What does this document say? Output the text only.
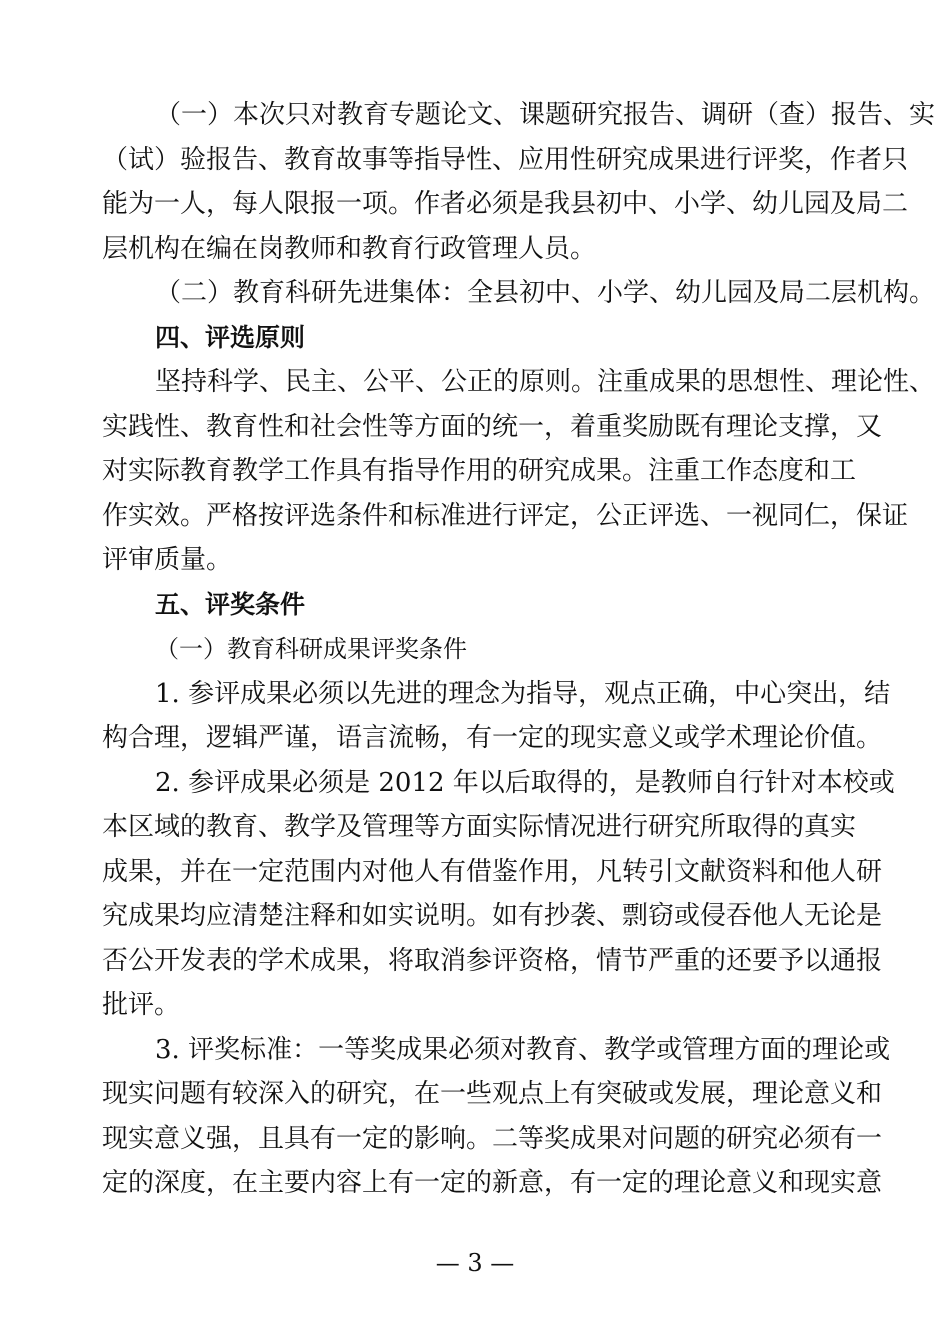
（一）本次只对教育专题论文、课题研究报告、调研（查）报告、实
（试）验报告、教育故事等指导性、应用性研究成果进行评奖，作者只
能为一人，每人限报一项。作者必须是我县初中、小学、幼儿园及局二
层机构在编在岗教师和教育行政管理人员。
（二）教育科研先进集体：全县初中、小学、幼儿园及局二层机构。
四、评选原则
坚持科学、民主、公平、公正的原则。注重成果的思想性、理论性、
实践性、教育性和社会性等方面的统一，着重奖励既有理论支撑，又
对实际教育教学工作具有指导作用的研究成果。注重工作态度和工
作实效。严格按评选条件和标准进行评定，公正评选、一视同仁，保证
评审质量。
五、评奖条件
（一）教育科研成果评奖条件
1. 参评成果必须以先进的理念为指导，观点正确，中心突出，结
构合理，逻辑严谨，语言流畅，有一定的现实意义或学术理论价值。
2. 参评成果必须是 2012 年以后取得的，是教师自行针对本校或
本区域的教育、教学及管理等方面实际情况进行研究所取得的真实
成果，并在一定范围内对他人有借鉴作用，凡转引文献资料和他人研
究成果均应清楚注释和如实说明。如有抄袭、剽窃或侵吞他人无论是
否公开发表的学术成果，将取消参评资格，情节严重的还要予以通报
批评。
3. 评奖标准：一等奖成果必须对教育、教学或管理方面的理论或
现实问题有较深入的研究，在一些观点上有突破或发展，理论意义和
现实意义强，且具有一定的影响。二等奖成果对问题的研究必须有一
定的深度，在主要内容上有一定的新意，有一定的理论意义和现实意
— 3 —
